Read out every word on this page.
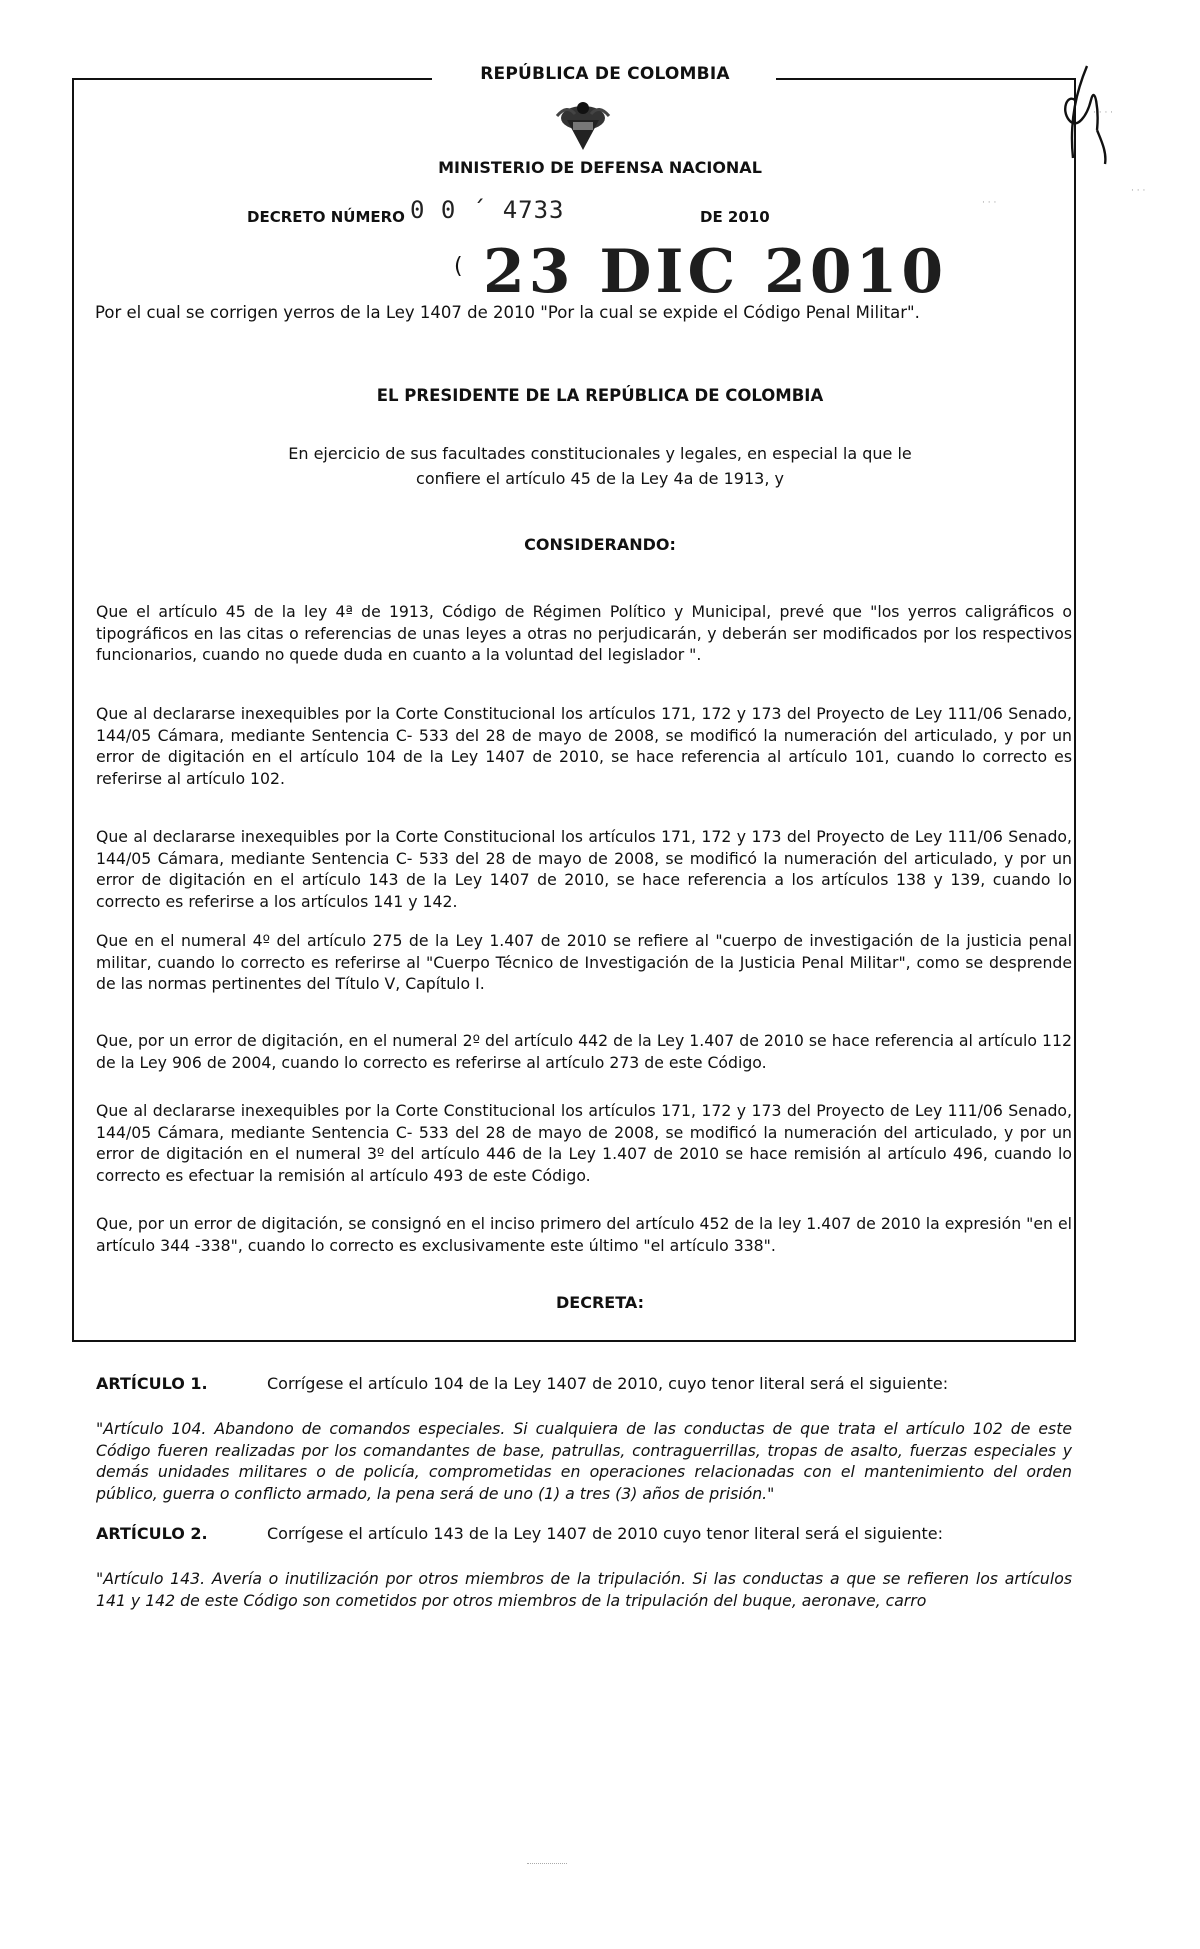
REPÚBLICA DE COLOMBIA
MINISTERIO DE DEFENSA NACIONAL
DECRETO NÚMERO 0 0 ´ 4733	DE 2010
( 23 DIC 2010
Por el cual se corrigen yerros de la Ley 1407 de 2010 "Por la cual se expide el Código Penal Militar".
· · · ·
· · ·
· · ·
EL PRESIDENTE DE LA REPÚBLICA DE COLOMBIA
En ejercicio de sus facultades constitucionales y legales, en especial la que le
confiere el artículo 45 de la Ley 4a de 1913, y
CONSIDERANDO:
Que el artículo 45 de la ley 4ª de 1913, Código de Régimen Político y Municipal, prevé que "los yerros caligráficos o tipográficos en las citas o referencias de unas leyes a otras no perjudicarán, y deberán ser modificados por los respectivos funcionarios, cuando no quede duda en cuanto a la voluntad del legislador ".
Que al declararse inexequibles por la Corte Constitucional los artículos 171, 172 y 173 del Proyecto de Ley 111/06 Senado, 144/05 Cámara, mediante Sentencia C- 533 del 28 de mayo de 2008, se modificó la numeración del articulado, y por un error de digitación en el artículo 104 de la Ley 1407 de 2010, se hace referencia al artículo 101, cuando lo correcto es referirse al artículo 102.
Que al declararse inexequibles por la Corte Constitucional los artículos 171, 172 y 173 del Proyecto de Ley 111/06 Senado, 144/05 Cámara, mediante Sentencia C- 533 del 28 de mayo de 2008, se modificó la numeración del articulado, y por un error de digitación en el artículo 143 de la Ley 1407 de 2010, se hace referencia a los artículos 138 y 139, cuando lo correcto es referirse a los artículos 141 y 142.
Que en el numeral 4º del artículo 275 de la Ley 1.407 de 2010 se refiere al "cuerpo de investigación de la justicia penal militar, cuando lo correcto es referirse al "Cuerpo Técnico de Investigación de la Justicia Penal Militar", como se desprende de las normas pertinentes del Título V, Capítulo I.
Que, por un error de digitación, en el numeral 2º del artículo 442 de la Ley 1.407 de 2010 se hace referencia al artículo 112 de la Ley 906 de 2004, cuando lo correcto es referirse al artículo 273 de este Código.
Que al declararse inexequibles por la Corte Constitucional los artículos 171, 172 y 173 del Proyecto de Ley 111/06 Senado, 144/05 Cámara, mediante Sentencia C- 533 del 28 de mayo de 2008, se modificó la numeración del articulado, y por un error de digitación en el numeral 3º del artículo 446 de la Ley 1.407 de 2010 se hace remisión al artículo 496, cuando lo correcto es efectuar la remisión al artículo 493 de este Código.
Que, por un error de digitación, se consignó en el inciso primero del artículo 452 de la ley 1.407 de 2010 la expresión "en el artículo 344 -338", cuando lo correcto es exclusivamente este último "el artículo 338".
DECRETA:
ARTÍCULO 1.	Corrígese el artículo 104 de la Ley 1407 de 2010, cuyo tenor literal será el siguiente:
"Artículo 104. Abandono de comandos especiales. Si cualquiera de las conductas de que trata el artículo 102 de este Código fueren realizadas por los comandantes de base, patrullas, contraguerrillas, tropas de asalto, fuerzas especiales y demás unidades militares o de policía, comprometidas en operaciones relacionadas con el mantenimiento del orden público, guerra o conflicto armado, la pena será de uno (1) a tres (3) años de prisión."
ARTÍCULO 2.	Corrígese el artículo 143 de la Ley 1407 de 2010 cuyo tenor literal será el siguiente:
"Artículo 143. Avería o inutilización por otros miembros de la tripulación. Si las conductas a que se refieren los artículos 141 y 142 de este Código son cometidos por otros miembros de la tripulación del buque, aeronave, carro
